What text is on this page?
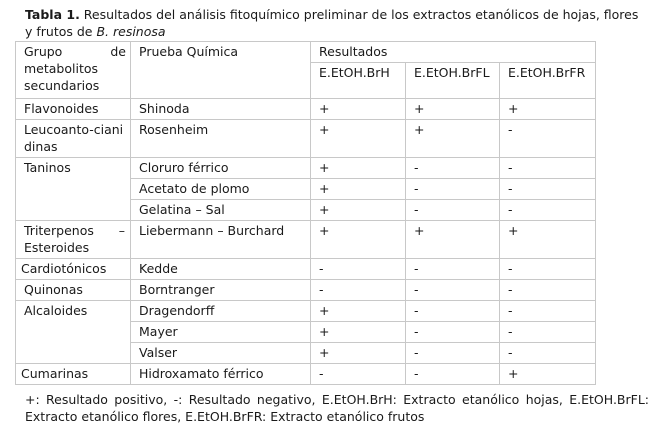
Tabla 1. Resultados del análisis fitoquímico preliminar de los extractos etanólicos de hojas, flores y frutos de B. resinosa
Grupo de metabolitos secundarios	Prueba Química	Resultados		
		E.EtOH.BrH	E.EtOH.BrFL	E.EtOH.BrFR
Flavonoides	Shinoda	+	+	+
Leucoanto-cianidinas	Rosenheim	+	+	-
Taninos	Cloruro férrico	+	-	-
	Acetato de plomo	+	-	-
	Gelatina – Sal	+	-	-

Triterpenos – Esteroides	Liebermann – Burchard	+	+	+
Cardiotónicos	Kedde	-	-	-
Quinonas	Borntranger	-	-	-
Alcaloides	Dragendorff	+	-	-
	Mayer	+	-	-
	Valser	+	-	-
Cumarinas	Hidroxamato férrico	-	-	+
+: Resultado positivo, -: Resultado negativo, E.EtOH.BrH: Extracto etanólico hojas, E.EtOH.BrFL: Extracto etanólico flores, E.EtOH.BrFR: Extracto etanólico frutos
